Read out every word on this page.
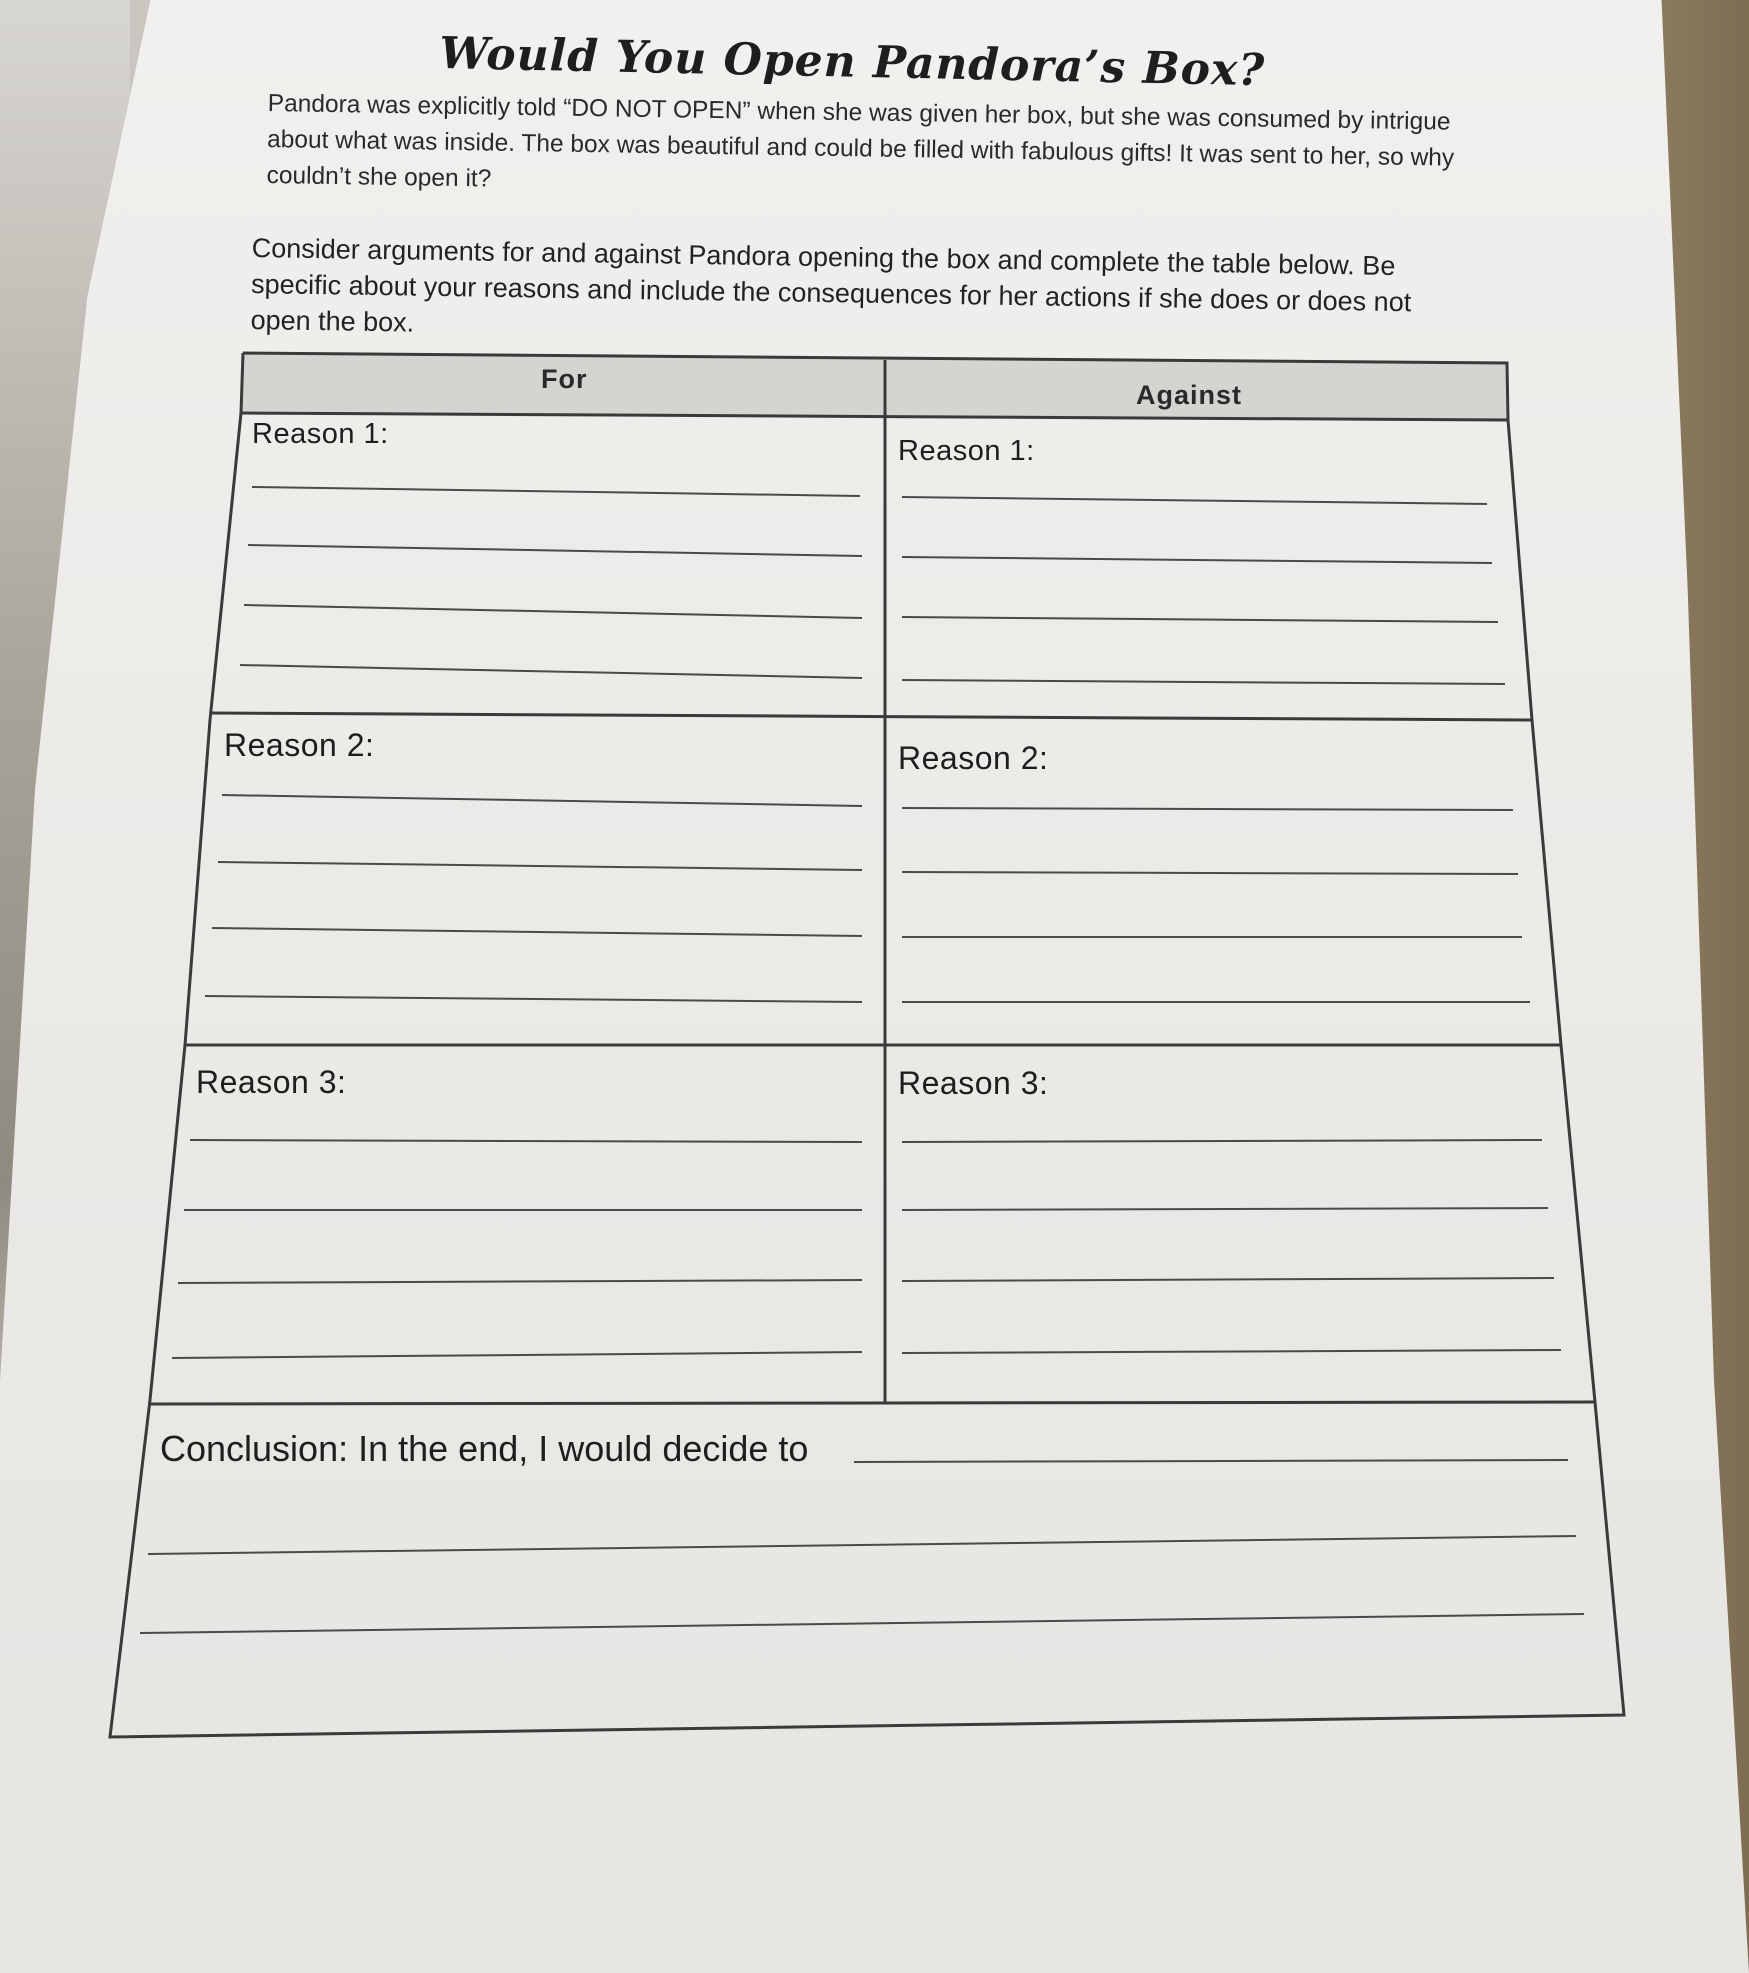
Would You Open Pandora’s Box?

Pandora was explicitly told “DO NOT OPEN” when she was given her box, but she was consumed by intrigue about what was inside. The box was beautiful and could be filled with fabulous gifts! It was sent to her, so why couldn’t she open it?

Consider arguments for and against Pandora opening the box and complete the table below. Be specific about your reasons and include the consequences for her actions if she does or does not open the box.

For

Against

Reason 1:

Reason 2:

Reason 3:

Reason 1:

Reason 2:

Reason 3:

Conclusion: In the end, I would decide to
